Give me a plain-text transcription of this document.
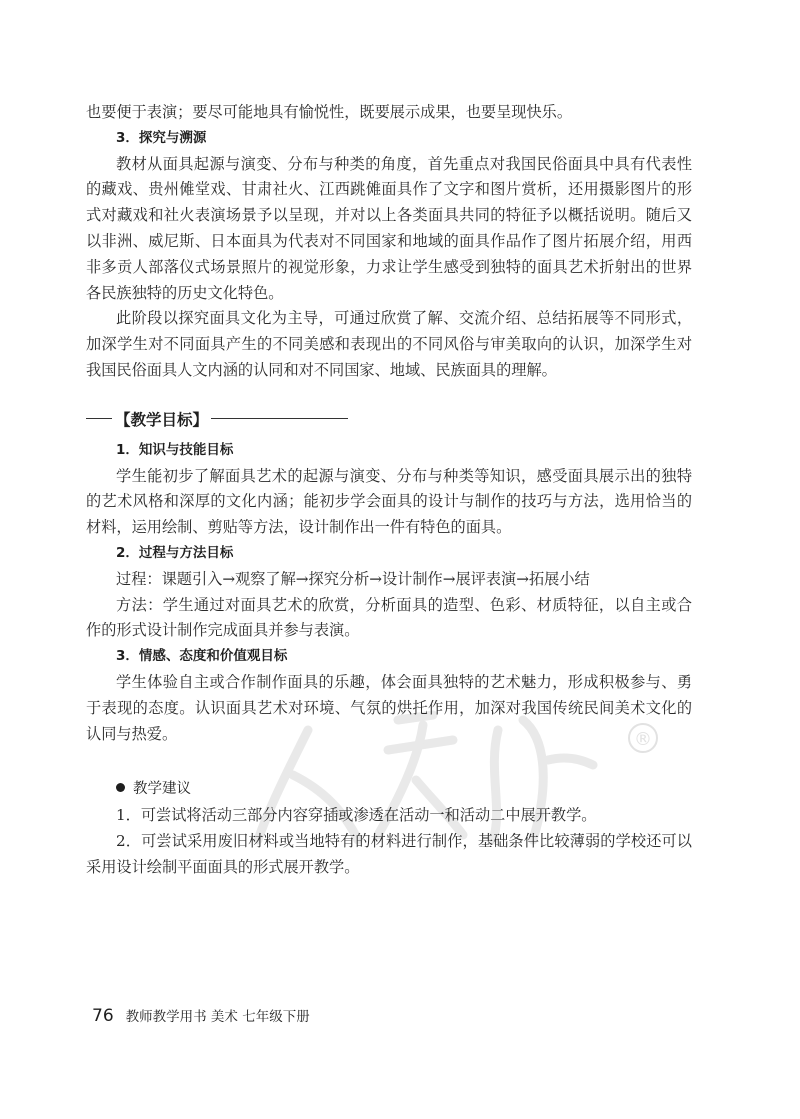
®

也要便于表演；要尽可能地具有愉悦性，既要展示成果，也要呈现快乐。

3．探究与溯源

教材从面具起源与演变、分布与种类的角度，首先重点对我国民俗面具中具有代表性的藏戏、贵州傩堂戏、甘肃社火、江西跳傩面具作了文字和图片赏析，还用摄影图片的形式对藏戏和社火表演场景予以呈现，并对以上各类面具共同的特征予以概括说明。随后又以非洲、威尼斯、日本面具为代表对不同国家和地域的面具作品作了图片拓展介绍，用西非多贡人部落仪式场景照片的视觉形象，力求让学生感受到独特的面具艺术折射出的世界各民族独特的历史文化特色。

此阶段以探究面具文化为主导，可通过欣赏了解、交流介绍、总结拓展等不同形式，加深学生对不同面具产生的不同美感和表现出的不同风俗与审美取向的认识，加深学生对我国民俗面具人文内涵的认同和对不同国家、地域、民族面具的理解。

【教学目标】
1．知识与技能目标

学生能初步了解面具艺术的起源与演变、分布与种类等知识，感受面具展示出的独特的艺术风格和深厚的文化内涵；能初步学会面具的设计与制作的技巧与方法，选用恰当的材料，运用绘制、剪贴等方法，设计制作出一件有特色的面具。

2．过程与方法目标

过程：课题引入→观察了解→探究分析→设计制作→展评表演→拓展小结

方法：学生通过对面具艺术的欣赏，分析面具的造型、色彩、材质特征，以自主或合作的形式设计制作完成面具并参与表演。

3．情感、态度和价值观目标

学生体验自主或合作制作面具的乐趣，体会面具独特的艺术魅力，形成积极参与、勇于表现的态度。认识面具艺术对环境、气氛的烘托作用，加深对我国传统民间美术文化的认同与热爱。

教学建议

1．可尝试将活动三部分内容穿插或渗透在活动一和活动二中展开教学。

2．可尝试采用废旧材料或当地特有的材料进行制作，基础条件比较薄弱的学校还可以采用设计绘制平面面具的形式展开教学。

76 教师教学用书 美术 七年级下册
